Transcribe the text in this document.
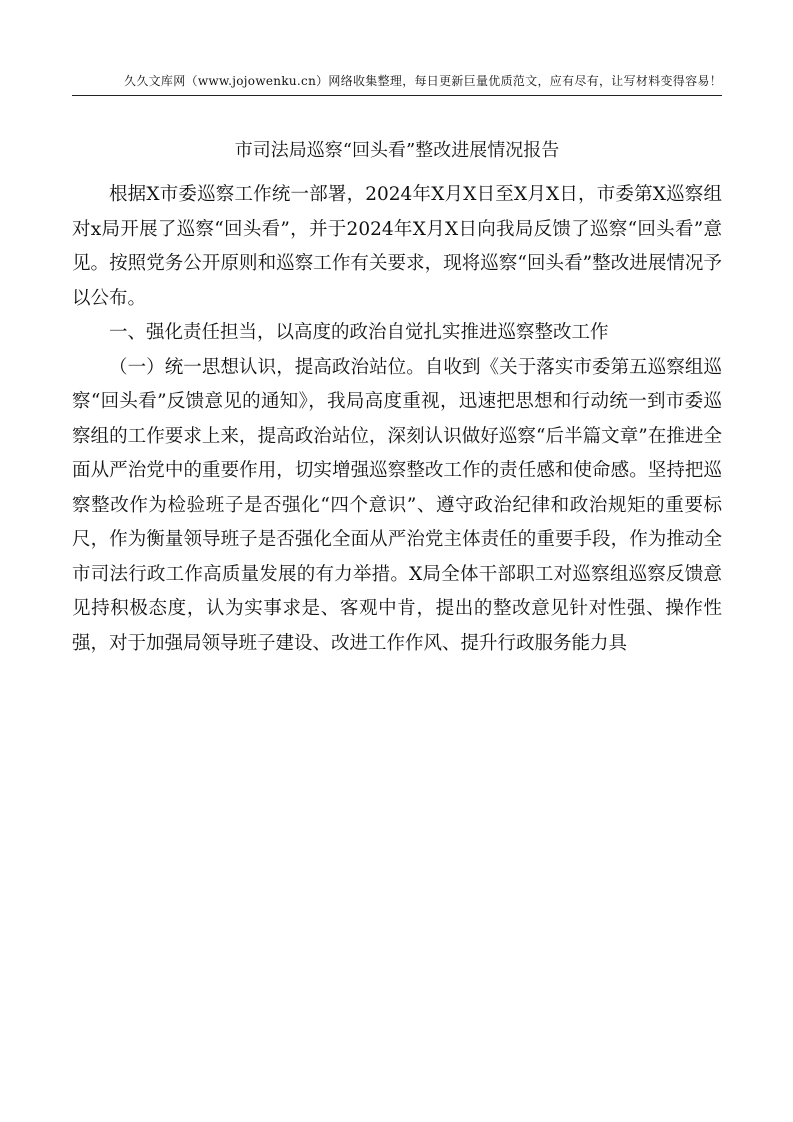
久久文库网（www.jojowenku.cn）网络收集整理，每日更新巨量优质范文，应有尽有，让写材料变得容易！
市司法局巡察“回头看”整改进展情况报告

根据X市委巡察工作统一部署，2024年X月X日至X月X日，市委第X巡察组对x局开展了巡察“回头看”，并于2024年X月X日向我局反馈了巡察“回头看”意见。按照党务公开原则和巡察工作有关要求，现将巡察“回头看”整改进展情况予以公布。

一、强化责任担当，以高度的政治自觉扎实推进巡察整改工作

（一）统一思想认识，提高政治站位。自收到《关于落实市委第五巡察组巡察“回头看”反馈意见的通知》，我局高度重视，迅速把思想和行动统一到市委巡察组的工作要求上来，提高政治站位，深刻认识做好巡察“后半篇文章”在推进全面从严治党中的重要作用，切实增强巡察整改工作的责任感和使命感。坚持把巡察整改作为检验班子是否强化“四个意识”、遵守政治纪律和政治规矩的重要标尺，作为衡量领导班子是否强化全面从严治党主体责任的重要手段，作为推动全市司法行政工作高质量发展的有力举措。X局全体干部职工对巡察组巡察反馈意见持积极态度，认为实事求是、客观中肯，提出的整改意见针对性强、操作性强，对于加强局领导班子建设、改进工作作风、提升行政服务能力具
